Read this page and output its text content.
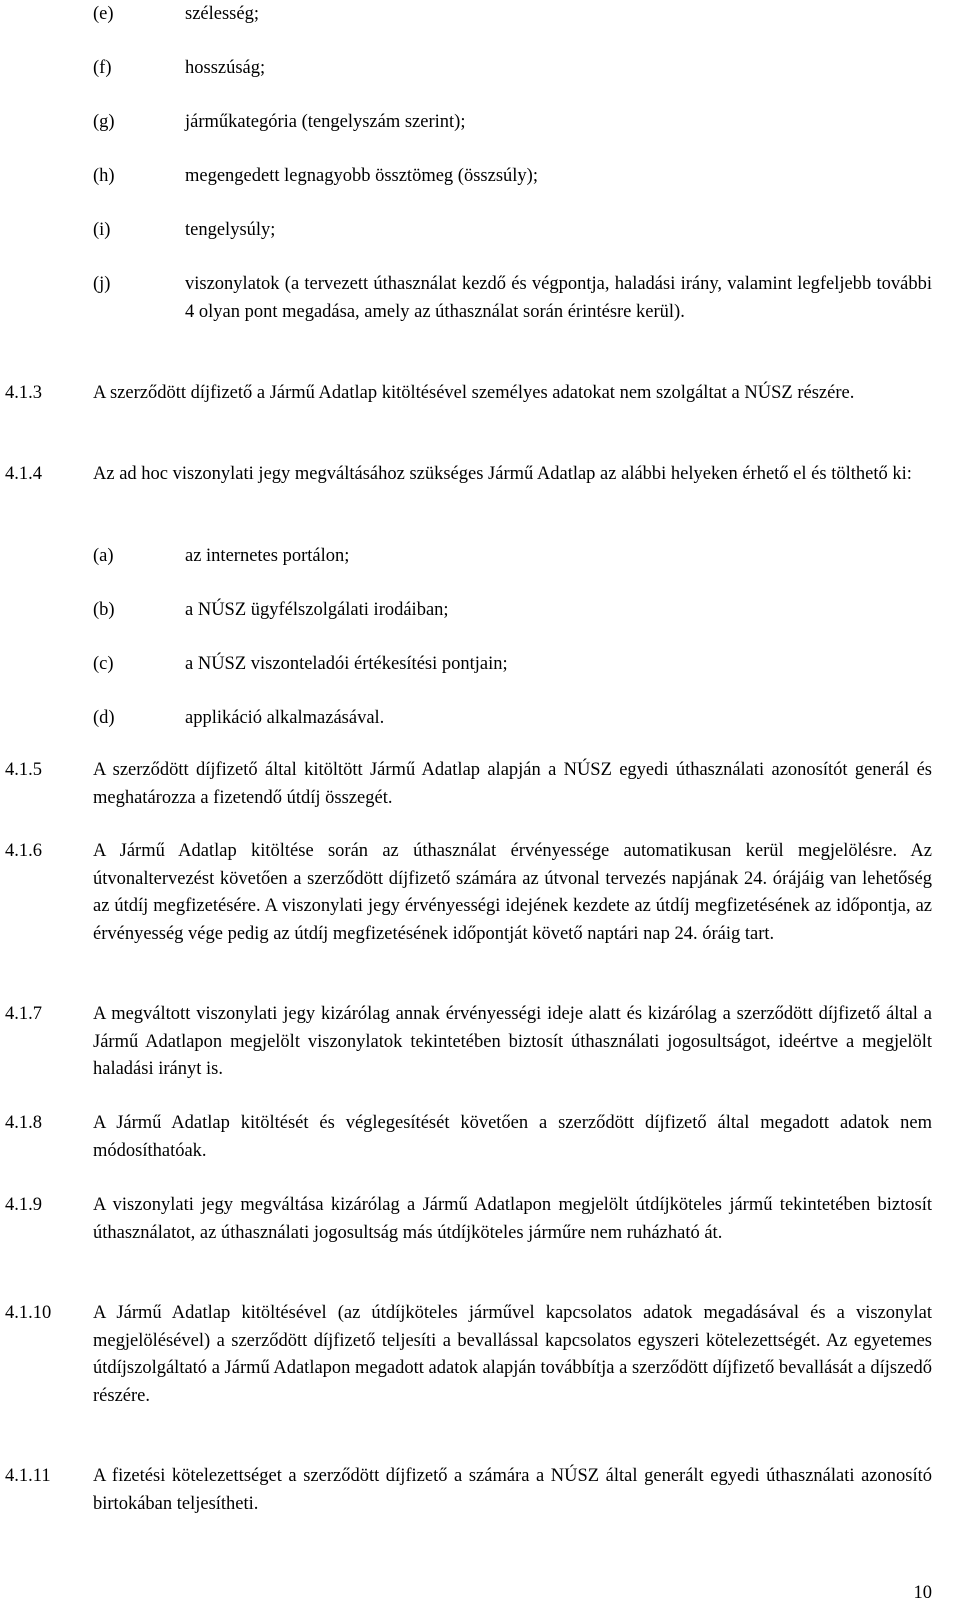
(e)	szélesség;
(f)	hosszúság;
(g)	járműkategória (tengelyszám szerint);
(h)	megengedett legnagyobb össztömeg (összsúly);
(i)	tengelysúly;
(j)	viszonylatok (a tervezett úthasználat kezdő és végpontja, haladási irány, valamint legfeljebb további 4 olyan pont megadása, amely az úthasználat során érintésre kerül).
4.1.3	A szerződött díjfizető a Jármű Adatlap kitöltésével személyes adatokat nem szolgáltat a NÚSZ részére.
4.1.4	Az ad hoc viszonylati jegy megváltásához szükséges Jármű Adatlap az alábbi helyeken érhető el és tölthető ki:
(a)	az internetes portálon;
(b)	a NÚSZ ügyfélszolgálati irodáiban;
(c)	a NÚSZ viszonteladói értékesítési pontjain;
(d)	applikáció alkalmazásával.
4.1.5	A szerződött díjfizető által kitöltött Jármű Adatlap alapján a NÚSZ egyedi úthasználati azonosítót generál és meghatározza a fizetendő útdíj összegét.
4.1.6	A Jármű Adatlap kitöltése során az úthasználat érvényessége automatikusan kerül megjelölésre. Az útvonaltervezést követően a szerződött díjfizető számára az útvonal tervezés napjának 24. órájáig van lehetőség az útdíj megfizetésére. A viszonylati jegy érvényességi idejének kezdete az útdíj megfizetésének az időpontja, az érvényesség vége pedig az útdíj megfizetésének időpontját követő naptári nap 24. óráig tart.
4.1.7	A megváltott viszonylati jegy kizárólag annak érvényességi ideje alatt és kizárólag a szerződött díjfizető által a Jármű Adatlapon megjelölt viszonylatok tekintetében biztosít úthasználati jogosultságot, ideértve a megjelölt haladási irányt is.
4.1.8	A Jármű Adatlap kitöltését és véglegesítését követően a szerződött díjfizető által megadott adatok nem módosíthatóak.
4.1.9	A viszonylati jegy megváltása kizárólag a Jármű Adatlapon megjelölt útdíjköteles jármű tekintetében biztosít úthasználatot, az úthasználati jogosultság más útdíjköteles járműre nem ruházható át.
4.1.10 A Jármű Adatlap kitöltésével (az útdíjköteles járművel kapcsolatos adatok megadásával és a viszonylat megjelölésével) a szerződött díjfizető teljesíti a bevallással kapcsolatos egyszeri kötelezettségét. Az egyetemes útdíjszolgáltató a Jármű Adatlapon megadott adatok alapján továbbítja a szerződött díjfizető bevallását a díjszedő részére.
4.1.11 A fizetési kötelezettséget a szerződött díjfizető a számára a NÚSZ által generált egyedi úthasználati azonosító birtokában teljesítheti.
10
